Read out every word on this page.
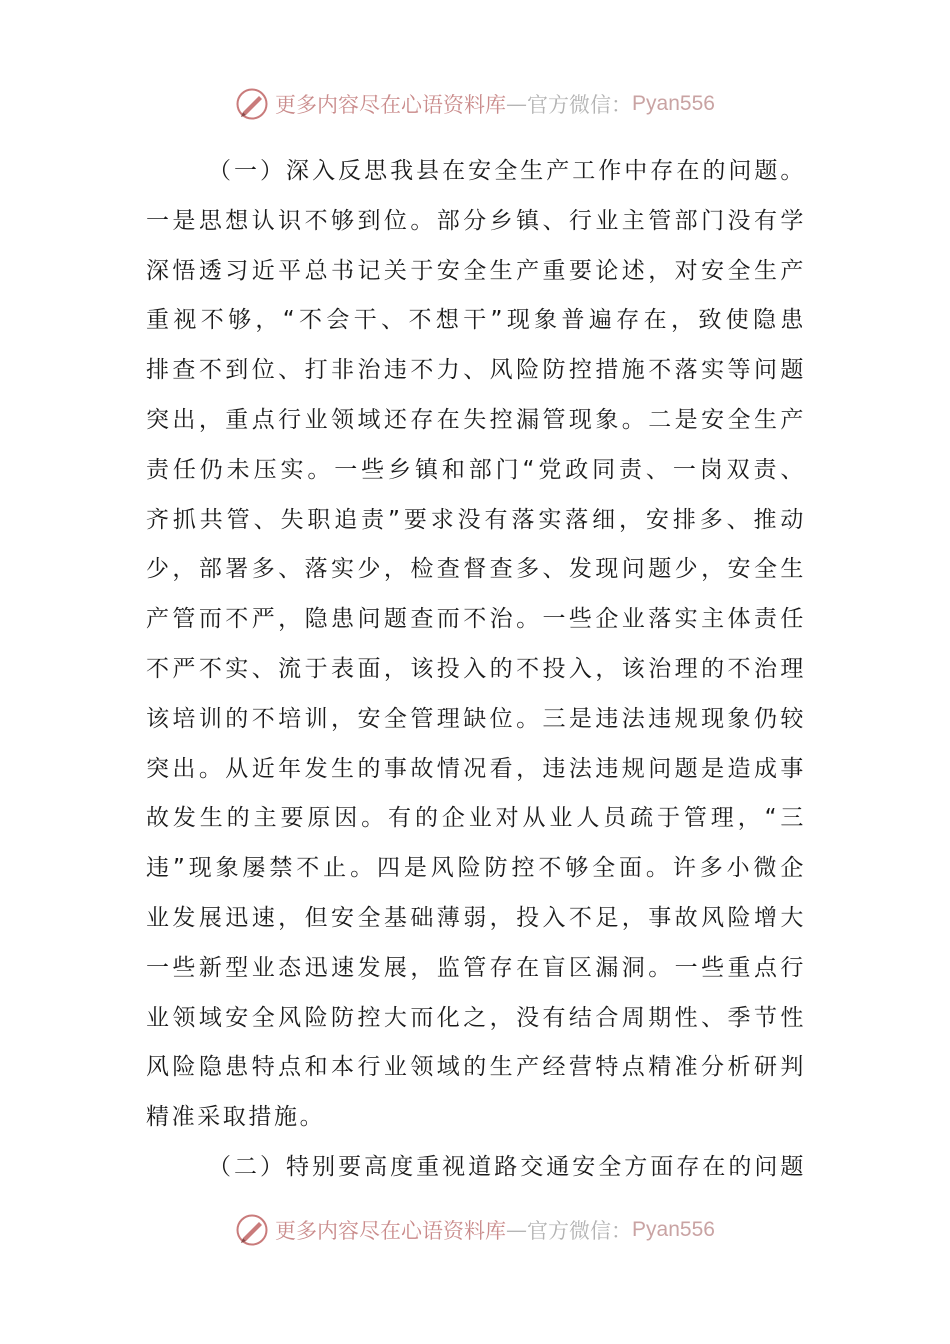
更多内容尽在心语资料库 — 官方微信： Pyan556
（一）深入反思我县在安全生产工作中存在的问题。
一是思想认识不够到位。部分乡镇、行业主管部门没有学
深悟透习近平总书记关于安全生产重要论述，对安全生产
重视不够，“不会干、不想干”现象普遍存在，致使隐患
排查不到位、打非治违不力、风险防控措施不落实等问题
突出，重点行业领域还存在失控漏管现象。二是安全生产
责任仍未压实。一些乡镇和部门“党政同责、一岗双责、
齐抓共管、失职追责”要求没有落实落细，安排多、推动
少，部署多、落实少，检查督查多、发现问题少，安全生
产管而不严，隐患问题查而不治。一些企业落实主体责任
不严不实、流于表面，该投入的不投入，该治理的不治理
该培训的不培训，安全管理缺位。三是违法违规现象仍较
突出。从近年发生的事故情况看，违法违规问题是造成事
故发生的主要原因。有的企业对从业人员疏于管理，“三
违”现象屡禁不止。四是风险防控不够全面。许多小微企
业发展迅速，但安全基础薄弱，投入不足，事故风险增大
一些新型业态迅速发展，监管存在盲区漏洞。一些重点行
业领域安全风险防控大而化之，没有结合周期性、季节性
风险隐患特点和本行业领域的生产经营特点精准分析研判
精准采取措施。
（二）特别要高度重视道路交通安全方面存在的问题
更多内容尽在心语资料库 — 官方微信： Pyan556
